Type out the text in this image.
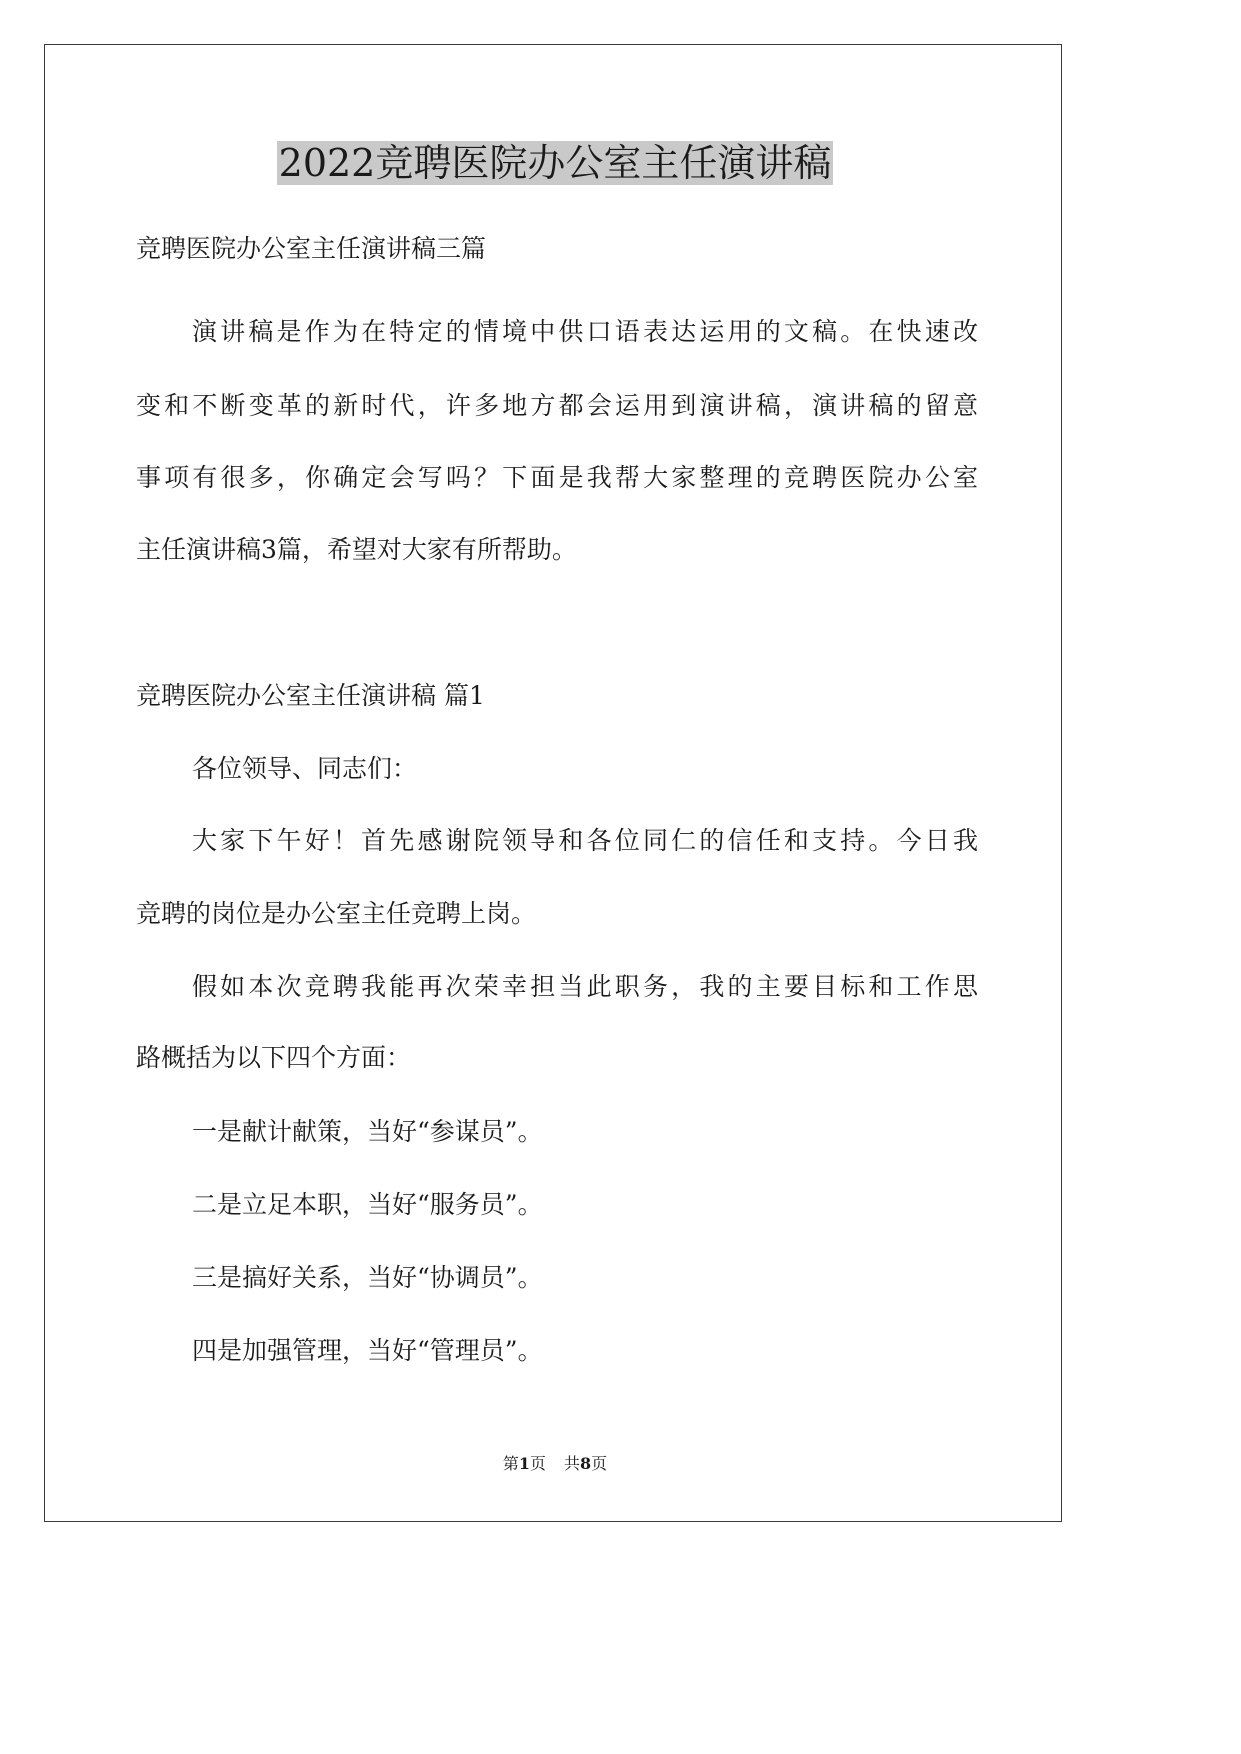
2022竞聘医院办公室主任演讲稿

竞聘医院办公室主任演讲稿三篇

演讲稿是作为在特定的情境中供口语表达运用的文稿。在快速改

变和不断变革的新时代，许多地方都会运用到演讲稿，演讲稿的留意

事项有很多，你确定会写吗？下面是我帮大家整理的竞聘医院办公室

主任演讲稿3篇，希望对大家有所帮助。

竞聘医院办公室主任演讲稿 篇1

各位领导、同志们：

大家下午好！首先感谢院领导和各位同仁的信任和支持。今日我

竞聘的岗位是办公室主任竞聘上岗。

假如本次竞聘我能再次荣幸担当此职务，我的主要目标和工作思

路概括为以下四个方面：

一是献计献策，当好“参谋员”。

二是立足本职，当好“服务员”。

三是搞好关系，当好“协调员”。

四是加强管理，当好“管理员”。

第1页 共8页
